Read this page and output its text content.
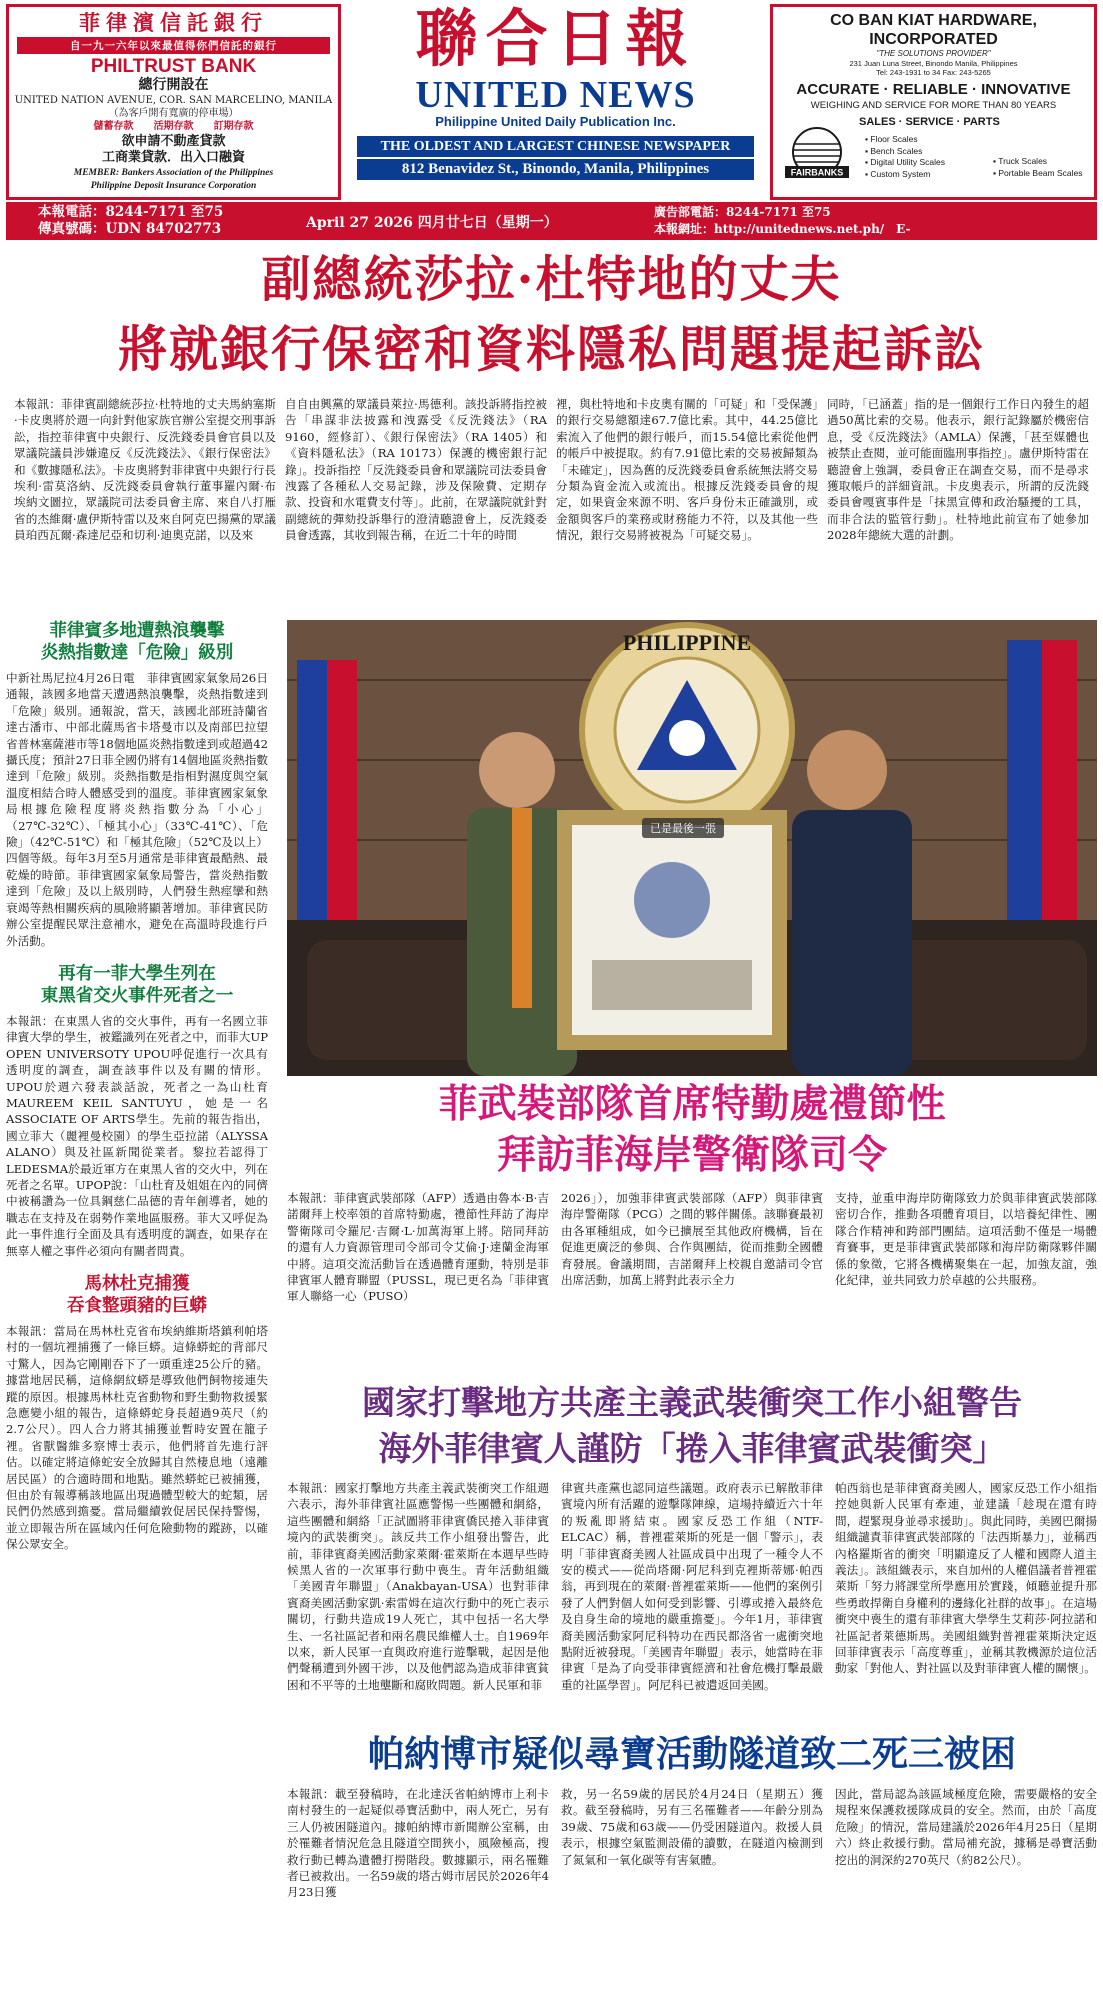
菲律濱信託銀行
自一九一六年以來最值得你們信託的銀行
PHILTRUST BANK
總行開設在
UNITED NATION AVENUE, COR. SAN MARCELINO, MANILA
（為客戶開有寬廣的停車場）
儲蓄存款　　活期存款　　訂期存款
欲申請不動產貸款
工商業貸款．出入口融資
MEMBER: Bankers Association of the Philippines
Philippine Deposit Insurance Corporation
聯合日報
UNITED NEWS
Philippine United Daily Publication Inc.
THE OLDEST AND LARGEST CHINESE NEWSPAPER
812 Benavidez St., Binondo, Manila, Philippines
CO BAN KIAT HARDWARE, INCORPORATED
"THE SOLUTIONS PROVIDER"
231 Juan Luna Street, Binondo Manila, Philippines
Tel: 243-1931 to 34 Fax: 243-5265
ACCURATE · RELIABLE · INNOVATIVE
WEIGHING AND SERVICE FOR MORE THAN 80 YEARS
FAIRBANKS
SALES · SERVICE · PARTS
▪ Floor Scales
▪ Bench Scales
▪ Digital Utility Scales
▪ Custom System
▪ Truck Scales
▪ Portable Beam Scales
本報電話：8244-7171 至75
傳真號碼：UDN 84702773	April 27 2026 四月廿七日（星期一）
廣告部電話：8244-7171 至75
本報網址：http://unitednews.net.ph/　E-mail:united_dailynews@yahoo.com.
副總統莎拉·杜特地的丈夫
將就銀行保密和資料隱私問題提起訴訟
本報訊：菲律賓副總統莎拉·杜特地的丈夫馬納塞斯·卡皮奧將於週一向針對他家族官辦公室提交刑事訴訟，指控菲律賓中央銀行、反洗錢委員會官員以及眾議院議員涉嫌違反《反洗錢法》、《銀行保密法》和《數據隱私法》。卡皮奧將對菲律賓中央銀行行長埃利·雷莫洛納、反洗錢委員會執行董事羅內爾·布埃納文圖拉，眾議院司法委員會主席、來自八打雁省的杰維爾·盧伊斯特雷以及來自阿克巴揚黨的眾議員珀西瓦爾·森達尼亞和切利·迪奧克諾，以及來
自自由興黨的眾議員萊拉·馬德利。該投訴將指控被告「串謀非法披露和洩露受《反洗錢法》（RA 9160，經修訂）、《銀行保密法》（RA 1405）和《資料隱私法》（RA 10173）保護的機密銀行記錄」。投訴指控「反洗錢委員會和眾議院司法委員會洩露了各種私人交易記錄，涉及保險費、定期存款、投資和水電費支付等」。此前，在眾議院就針對副總統的彈劾投訴舉行的澄清聽證會上，反洗錢委員會透露，其收到報告稱，在近二十年的時間
裡，與杜特地和卡皮奧有關的「可疑」和「受保護」的銀行交易總額達67.7億比索。其中，44.25億比索流入了他們的銀行帳戶，而15.54億比索從他們的帳戶中被提取。約有7.91億比索的交易被歸類為「未確定」，因為舊的反洗錢委員會系統無法將交易分類為資金流入或流出。根據反洗錢委員會的規定，如果資金來源不明、客戶身份未正確識別，或金額與客戶的業務或財務能力不符，以及其他一些情況，銀行交易將被視為「可疑交易」。
同時，「已涵蓋」指的是一個銀行工作日內發生的超過50萬比索的交易。他表示，銀行記錄屬於機密信息，受《反洗錢法》（AMLA）保護，「甚至媒體也被禁止查閱，並可能面臨刑事指控」。盧伊斯特雷在聽證會上強調，委員會正在調查交易，而不是尋求獲取帳戶的詳細資訊。卡皮奧表示，所謂的反洗錢委員會嘎賓事件是「抹黑宣傳和政治騷擾的工具，而非合法的監管行動」。杜特地此前宣布了她參加2028年總統大選的計劃。
菲律賓多地遭熱浪襲擊
炎熱指數達「危險」級別
中新社馬尼拉4月26日電　菲律賓國家氣象局26日通報，該國多地當天遭遇熱浪襲擊，炎熱指數達到「危險」級別。通報說，當天，該國北部班詩蘭省達古潘市、中部北薩馬省卡塔曼市以及南部巴拉望省普林塞薩港市等18個地區炎熱指數達到或超過42攝氏度；預計27日菲全國仍將有14個地區炎熱指數達到「危險」級別。炎熱指數是指相對濕度與空氣溫度相結合時人體感受到的溫度。菲律賓國家氣象局根據危險程度將炎熱指數分為「小心」（27℃-32℃）、「極其小心」（33℃-41℃）、「危險」（42℃-51℃）和「極其危險」（52℃及以上）四個等級。每年3月至5月通常是菲律賓最酷熱、最乾燥的時節。菲律賓國家氣象局警告，當炎熱指數達到「危險」及以上級別時，人們發生熱痙攣和熱衰竭等熱相關疾病的風險將顯著增加。菲律賓民防辦公室提醒民眾注意補水，避免在高溫時段進行戶外活動。
再有一菲大學生列在
東黑省交火事件死者之一
本報訊：在東黑人省的交火事件，再有一名國立菲律賓大學的學生，被鑑識列在死者之中，而菲大UP OPEN UNIVERSOTY UPOU呼促進行一次具有透明度的調查，調查該事件以及有關的情形。UPOU於週六發表談話說，死者之一為山杜育MAUREEM KEIL SANTUYU，她是一名ASSOCIATE OF ARTS學生。先前的報告指出，國立菲大（麗裡曼校園）的學生亞拉諾（ALYSSA ALANO）與及社區新聞從業者。黎拉若認得丁LEDESMA於最近軍方在東黑人省的交火中，列在死者之名單。UPOP說：「山杜育及姐姐在內的同儕中被稱讚為一位具鋼慈仁品德的青年創導者，她的職志在支持及在弱勢作業地區服務。菲大又呼促為此一事件進行全面及具有透明度的調查，如果存在無辜人權之事件必須向有關者問責。
馬林杜克捕獲
吞食整頭豬的巨蟒
本報訊：當局在馬林杜克省布埃納維斯塔鎮利帕塔村的一個坑裡捕獲了一條巨蟒。這條蟒蛇的背部尺寸驚人，因為它剛剛吞下了一頭重達25公斤的豬。據當地居民稱，這條網紋蟒是導致他們飼物接連失蹤的原因。根據馬林杜克省動物和野生動物救援緊急應變小組的報告，這條蟒蛇身長超過9英尺（約2.7公尺）。四人合力將其捕獲並暫時安置在籠子裡。省獸醫維多察博士表示，他們將首先進行評估。以確定將這條蛇安全放歸其自然棲息地（遠離居民區）的合適時間和地點。雖然蟒蛇已被捕獲，但由於有報導稱該地區出現過體型較大的蛇類，居民們仍然感到擔憂。當局繼續敦促居民保持警惕，並立即報告所在區域內任何危險動物的蹤跡，以確保公眾安全。
PHILIPPINE
已是最後一張
菲武裝部隊首席特勤處禮節性
拜訪菲海岸警衛隊司令
本報訊：菲律賓武裝部隊（AFP）透過由魯本·B·吉諾爾拜上校率領的首席特勤處，禮節性拜訪了海岸警衛隊司令羅尼·吉爾·L·加萬海軍上將。陪同拜訪的還有人力資源管理司令部司令艾倫·J·達蘭金海軍中將。這項交流活動旨在透過體育運動，特別是菲律賓軍人體育聯盟（PUSSL，現已更名為「菲律賓軍人聯絡一心（PUSO）
2026」），加強菲律賓武裝部隊（AFP）與菲律賓海岸警衛隊（PCG）之間的夥伴關係。該聯賽最初由各軍種組成，如今已擴展至其他政府機構，旨在促進更廣泛的參與、合作與團結，從而推動全國體育發展。會議期間，吉諾爾拜上校親自邀請司令官出席活動，加萬上將對此表示全力
支持，並重申海岸防衛隊致力於與菲律賓武裝部隊密切合作，推動各項體育項目，以培養紀律性、團隊合作精神和跨部門團結。這項活動不僅是一場體育賽事，更是菲律賓武裝部隊和海岸防衛隊夥伴關係的象徵，它將各機構聚集在一起，加強友誼，強化紀律，並共同致力於卓越的公共服務。
國家打擊地方共產主義武裝衝突工作小組警告
海外菲律賓人謹防「捲入菲律賓武裝衝突」
本報訊：國家打擊地方共產主義武裝衝突工作組週六表示，海外菲律賓社區應警惕一些團體和網絡，這些團體和網絡「正試圖將菲律賓僑民捲入菲律賓境內的武裝衝突」。該反共工作小組發出警告，此前，菲律賓裔美國活動家萊爾·霍萊斯在本週早些時候黑人省的一次軍事行動中喪生。青年活動組織「美國青年聯盟」（Anakbayan-USA）也對菲律賓裔美國活動家凱·索雷姆在這次行動中的死亡表示關切，行動共造成19人死亡，其中包括一名大學生、一名社區記者和兩名農民維權人士。自1969年以來，新人民軍一直與政府進行遊擊戰，起因是他們聲稱遭到外國干涉，以及他們認為造成菲律賓貧困和不平等的土地壟斷和腐敗問題。新人民軍和菲
律賓共產黨也認同這些議題。政府表示已解散菲律賓境內所有活躍的遊擊隊陣線，這場持續近六十年的叛亂即將結束。國家反恐工作組（NTF-ELCAC）稱，普裡霍萊斯的死是一個「警示」，表明「菲律賓裔美國人社區成員中出現了一種令人不安的模式——從尚塔爾·阿尼科到克裡斯蒂娜·帕西翁，再到現在的萊爾·普裡霍萊斯——他們的案例引發了人們對個人如何受到影響、引導或捲入最終危及自身生命的境地的嚴重擔憂」。今年1月，菲律賓裔美國活動家阿尼科特功在西民都洛省一處衝突地點附近被發現。「美國青年聯盟」表示，她當時在菲律賓「是為了向受菲律賓經濟和社會危機打擊最嚴重的社區學習」。阿尼科已被遣返回美國。
帕西翁也是菲律賓裔美國人，國家反恐工作小組指控她與新人民軍有牽連，並建議「趁現在還有時間，趕緊現身並尋求援助」。與此同時，美國巴爾揚組織譴責菲律賓武裝部隊的「法西斯暴力」，並稱西內格羅斯省的衝突「明顯違反了人權和國際人道主義法」。該組織表示，來自加州的人權倡議者普裡霍萊斯「努力將課堂所學應用於實踐，傾聽並提升那些勇敢捍衛自身權利的邊緣化社群的故事」。在這場衝突中喪生的還有菲律賓大學學生艾莉莎·阿拉諾和社區記者萊德斯馬。美國組織對普裡霍萊斯決定返回菲律賓表示「高度尊重」，並稱其教機源於這位活動家「對他人、對社區以及對菲律賓人權的關懷」。
帕納博市疑似尋寶活動隧道致二死三被困
本報訊：載至發稿時，在北達沃省帕納博市上利卡南村發生的一起疑似尋寶活動中，兩人死亡，另有三人仍被困隧道內。據帕納博市新聞辦公室稱，由於罹難者情況危急且隧道空間狹小，風險極高，搜救行動已轉為遺體打撈階段。數據顯示，兩名罹難者已被救出。一名59歲的塔古姆市居民於2026年4月23日獲
救，另一名59歲的居民於4月24日（星期五）獲救。截至發稿時，另有三名罹難者——年齡分別為39歲、75歲和63歲——仍受困隧道內。救援人員表示，根據空氣監測設備的讀數，在隧道內檢測到了氮氣和一氧化碳等有害氣體。
因此，當局認為該區域極度危險，需要嚴格的安全規程來保護救援隊成員的安全。然而，由於「高度危險」的情況，當局建議於2026年4月25日（星期六）終止救援行動。當局補充說，據稱是尋寶活動挖出的洞深約270英尺（約82公尺）。
